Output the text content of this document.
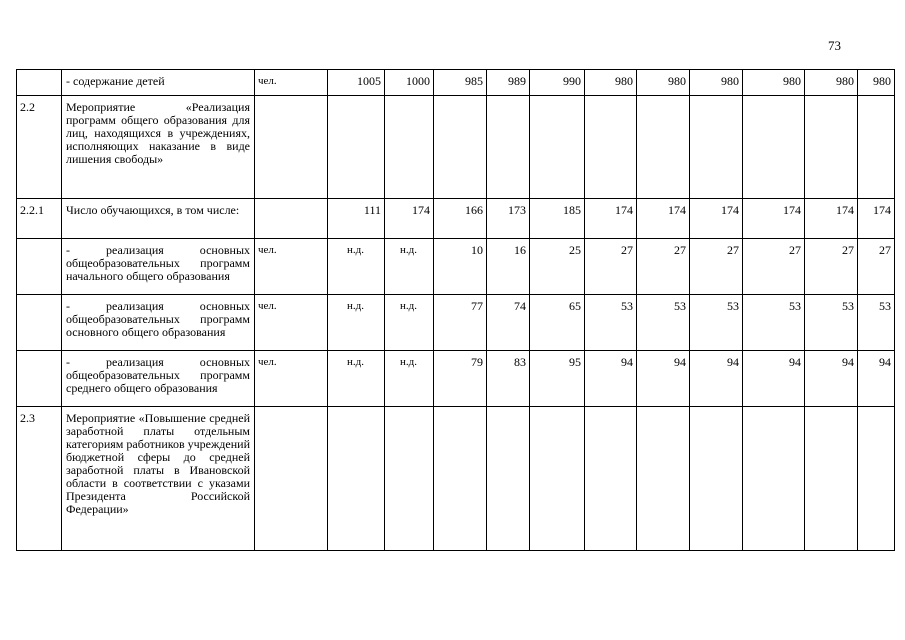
73
	- содержание детей	чел.	1005	1000	985	989	990	980	980	980	980	980	980
2.2	Мероприятие «Реализация программ общего образования для лиц, находящихся в учреждениях, исполняющих наказание в виде лишения свободы»												
2.2.1	Число обучающихся, в том числе:		111	174	166	173	185	174	174	174	174	174	174
	- реализация основных общеобразовательных программ начального общего образования	чел.	н.д.	н.д.	10	16	25	27	27	27	27	27	27
	- реализация основных общеобразовательных программ основного общего образования	чел.	н.д.	н.д.	77	74	65	53	53	53	53	53	53
	- реализация основных общеобразовательных программ среднего общего образования	чел.	н.д.	н.д.	79	83	95	94	94	94	94	94	94
2.3	Мероприятие «Повышение средней заработной платы отдельным категориям работников учреждений бюджетной сферы до средней заработной платы в Ивановской области в соответствии с указами Президента Российской Федерации»												
